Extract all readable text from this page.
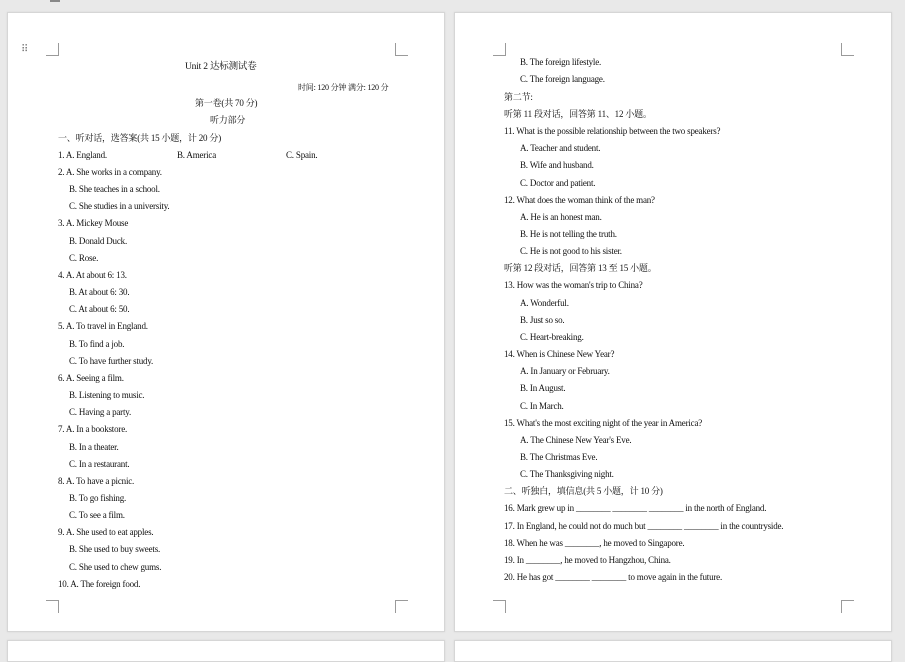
⠿
Unit 2 达标测试卷
时间: 120 分钟 满分: 120 分
第一卷(共 70 分)
听力部分
一、听对话，选答案(共 15 小题，计 20 分)
1. A. England.	B. America	C. Spain.
2. A. She works in a company.
B. She teaches in a school.
C. She studies in a university.
3. A. Mickey Mouse
B. Donald Duck.
C. Rose.
4. A. At about 6: 13.
B. At about 6: 30.
C. At about 6: 50.
5. A. To travel in England.
B. To find a job.
C. To have further study.
6. A. Seeing a film.
B. Listening to music.
C. Having a party.
7. A. In a bookstore.
B. In a theater.
C. In a restaurant.
8. A. To have a picnic.
B. To go fishing.
C. To see a film.
9. A. She used to eat apples.
B. She used to buy sweets.
C. She used to chew gums.
10. A. The foreign food.
B. The foreign lifestyle.
C. The foreign language.
第二节:
听第 11 段对话，回答第 11、12 小题。
11. What is the possible relationship between the two speakers?
A. Teacher and student.
B. Wife and husband.
C. Doctor and patient.
12. What does the woman think of the man?
A. He is an honest man.
B. He is not telling the truth.
C. He is not good to his sister.
听第 12 段对话，回答第 13 至 15 小题。
13. How was the woman's trip to China?
A. Wonderful.
B. Just so so.
C. Heart-breaking.
14. When is Chinese New Year?
A. In January or February.
B. In August.
C. In March.
15. What's the most exciting night of the year in America?
A. The Chinese New Year's Eve.
B. The Christmas Eve.
C. The Thanksgiving night.
二、听独白，填信息(共 5 小题，计 10 分)
16. Mark grew up in ________ ________ ________ in the north of England.
17. In England, he could not do much but ________ ________ in the countryside.
18. When he was ________, he moved to Singapore.
19. In ________, he moved to Hangzhou, China.
20. He has got ________ ________ to move again in the future.
